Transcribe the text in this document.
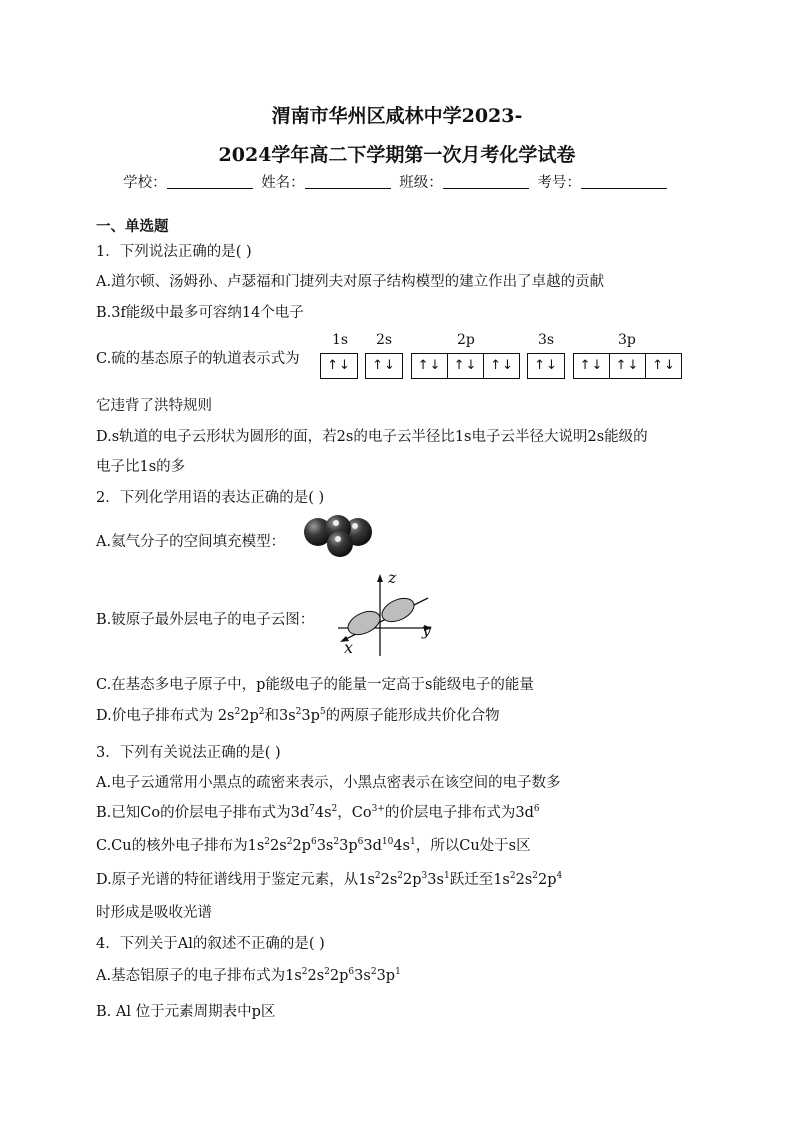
渭南市华州区咸林中学2023-
2024学年高二下学期第一次月考化学试卷
学校：	姓名：	班级：	考号：
一、单选题
1．下列说法正确的是( )
A.道尔顿、汤姆孙、卢瑟福和门捷列夫对原子结构模型的建立作出了卓越的贡献
B.3f能级中最多可容纳14个电子
C.硫的基态原子的轨道表示式为
1s 2s	2p	3s	3p
↑↓	↑↓	↑↓ ↑↓ ↑↓	↑↓	↑↓ ↑↓ ↑↓
它违背了洪特规则
D.s轨道的电子云形状为圆形的面，若2s的电子云半径比1s电子云半径大说明2s能级的
电子比1s的多
2．下列化学用语的表达正确的是( )
A.氦气分子的空间填充模型：
B.铍原子最外层电子的电子云图：
z
y
x
C.在基态多电子原子中，p能级电子的能量一定高于s能级电子的能量
D.价电子排布式为 $2s^22p^2$和$3s^23p^5$的两原子能形成共价化合物
3．下列有关说法正确的是( )
A.电子云通常用小黑点的疏密来表示，小黑点密表示在该空间的电子数多
B.已知Co的价层电子排布式为$3d^74s^2$，$Co^{3+}$的价层电子排布式为$3d^6$
C.Cu的核外电子排布为$1s^22s^22p^63s^23p^63d^{10}4s^1$，所以Cu处于s区
D.原子光谱的特征谱线用于鉴定元素，从$1s^22s^22p^33s^1$跃迁至$1s^22s^22p^4$
时形成是吸收光谱
4．下列关于Al的叙述不正确的是( )
A.基态铝原子的电子排布式为$1s^22s^22p^63s^23p^1$
B. Al 位于元素周期表中p区
